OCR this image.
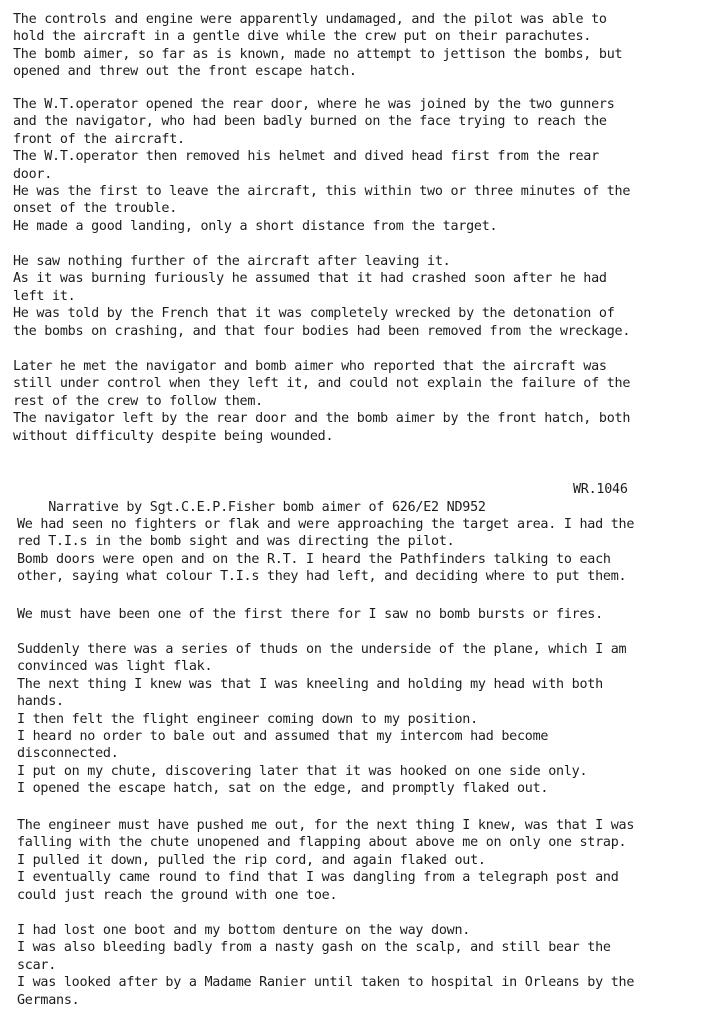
The controls and engine were apparently undamaged, and the pilot was able to
hold the aircraft in a gentle dive while the crew put on their parachutes.
The bomb aimer, so far as is known, made no attempt to jettison the bombs, but
opened and threw out the front escape hatch.
The W.T.operator opened the rear door, where he was joined by the two gunners
and the navigator, who had been badly burned on the face trying to reach the
front of the aircraft.
The W.T.operator then removed his helmet and dived head first from the rear
door.
He was the first to leave the aircraft, this within two or three minutes of the
onset of the trouble.
He made a good landing, only a short distance from the target.
He saw nothing further of the aircraft after leaving it.
As it was burning furiously he assumed that it had crashed soon after he had
left it.
He was told by the French that it was completely wrecked by the detonation of
the bombs on crashing, and that four bodies had been removed from the wreckage.
Later he met the navigator and bomb aimer who reported that the aircraft was
still under control when they left it, and could not explain the failure of the
rest of the crew to follow them.
The navigator left by the rear door and the bomb aimer by the front hatch, both
without difficulty despite being wounded.

Narrative by Sgt.C.E.P.Fisher bomb aimer of 626/E2 ND952

WR.1046

We had seen no fighters or flak and were approaching the target area. I had the
red T.I.s in the bomb sight and was directing the pilot.
Bomb doors were open and on the R.T. I heard the Pathfinders talking to each
other, saying what colour T.I.s they had left, and deciding where to put them.
We must have been one of the first there for I saw no bomb bursts or fires.
Suddenly there was a series of thuds on the underside of the plane, which I am
convinced was light flak.
The next thing I knew was that I was kneeling and holding my head with both
hands.
I then felt the flight engineer coming down to my position.
I heard no order to bale out and assumed that my intercom had become
disconnected.
I put on my chute, discovering later that it was hooked on one side only.
I opened the escape hatch, sat on the edge, and promptly flaked out.
The engineer must have pushed me out, for the next thing I knew, was that I was
falling with the chute unopened and flapping about above me on only one strap.
I pulled it down, pulled the rip cord, and again flaked out.
I eventually came round to find that I was dangling from a telegraph post and
could just reach the ground with one toe.
I had lost one boot and my bottom denture on the way down.
I was also bleeding badly from a nasty gash on the scalp, and still bear the
scar.
I was looked after by a Madame Ranier until taken to hospital in Orleans by the
Germans.
